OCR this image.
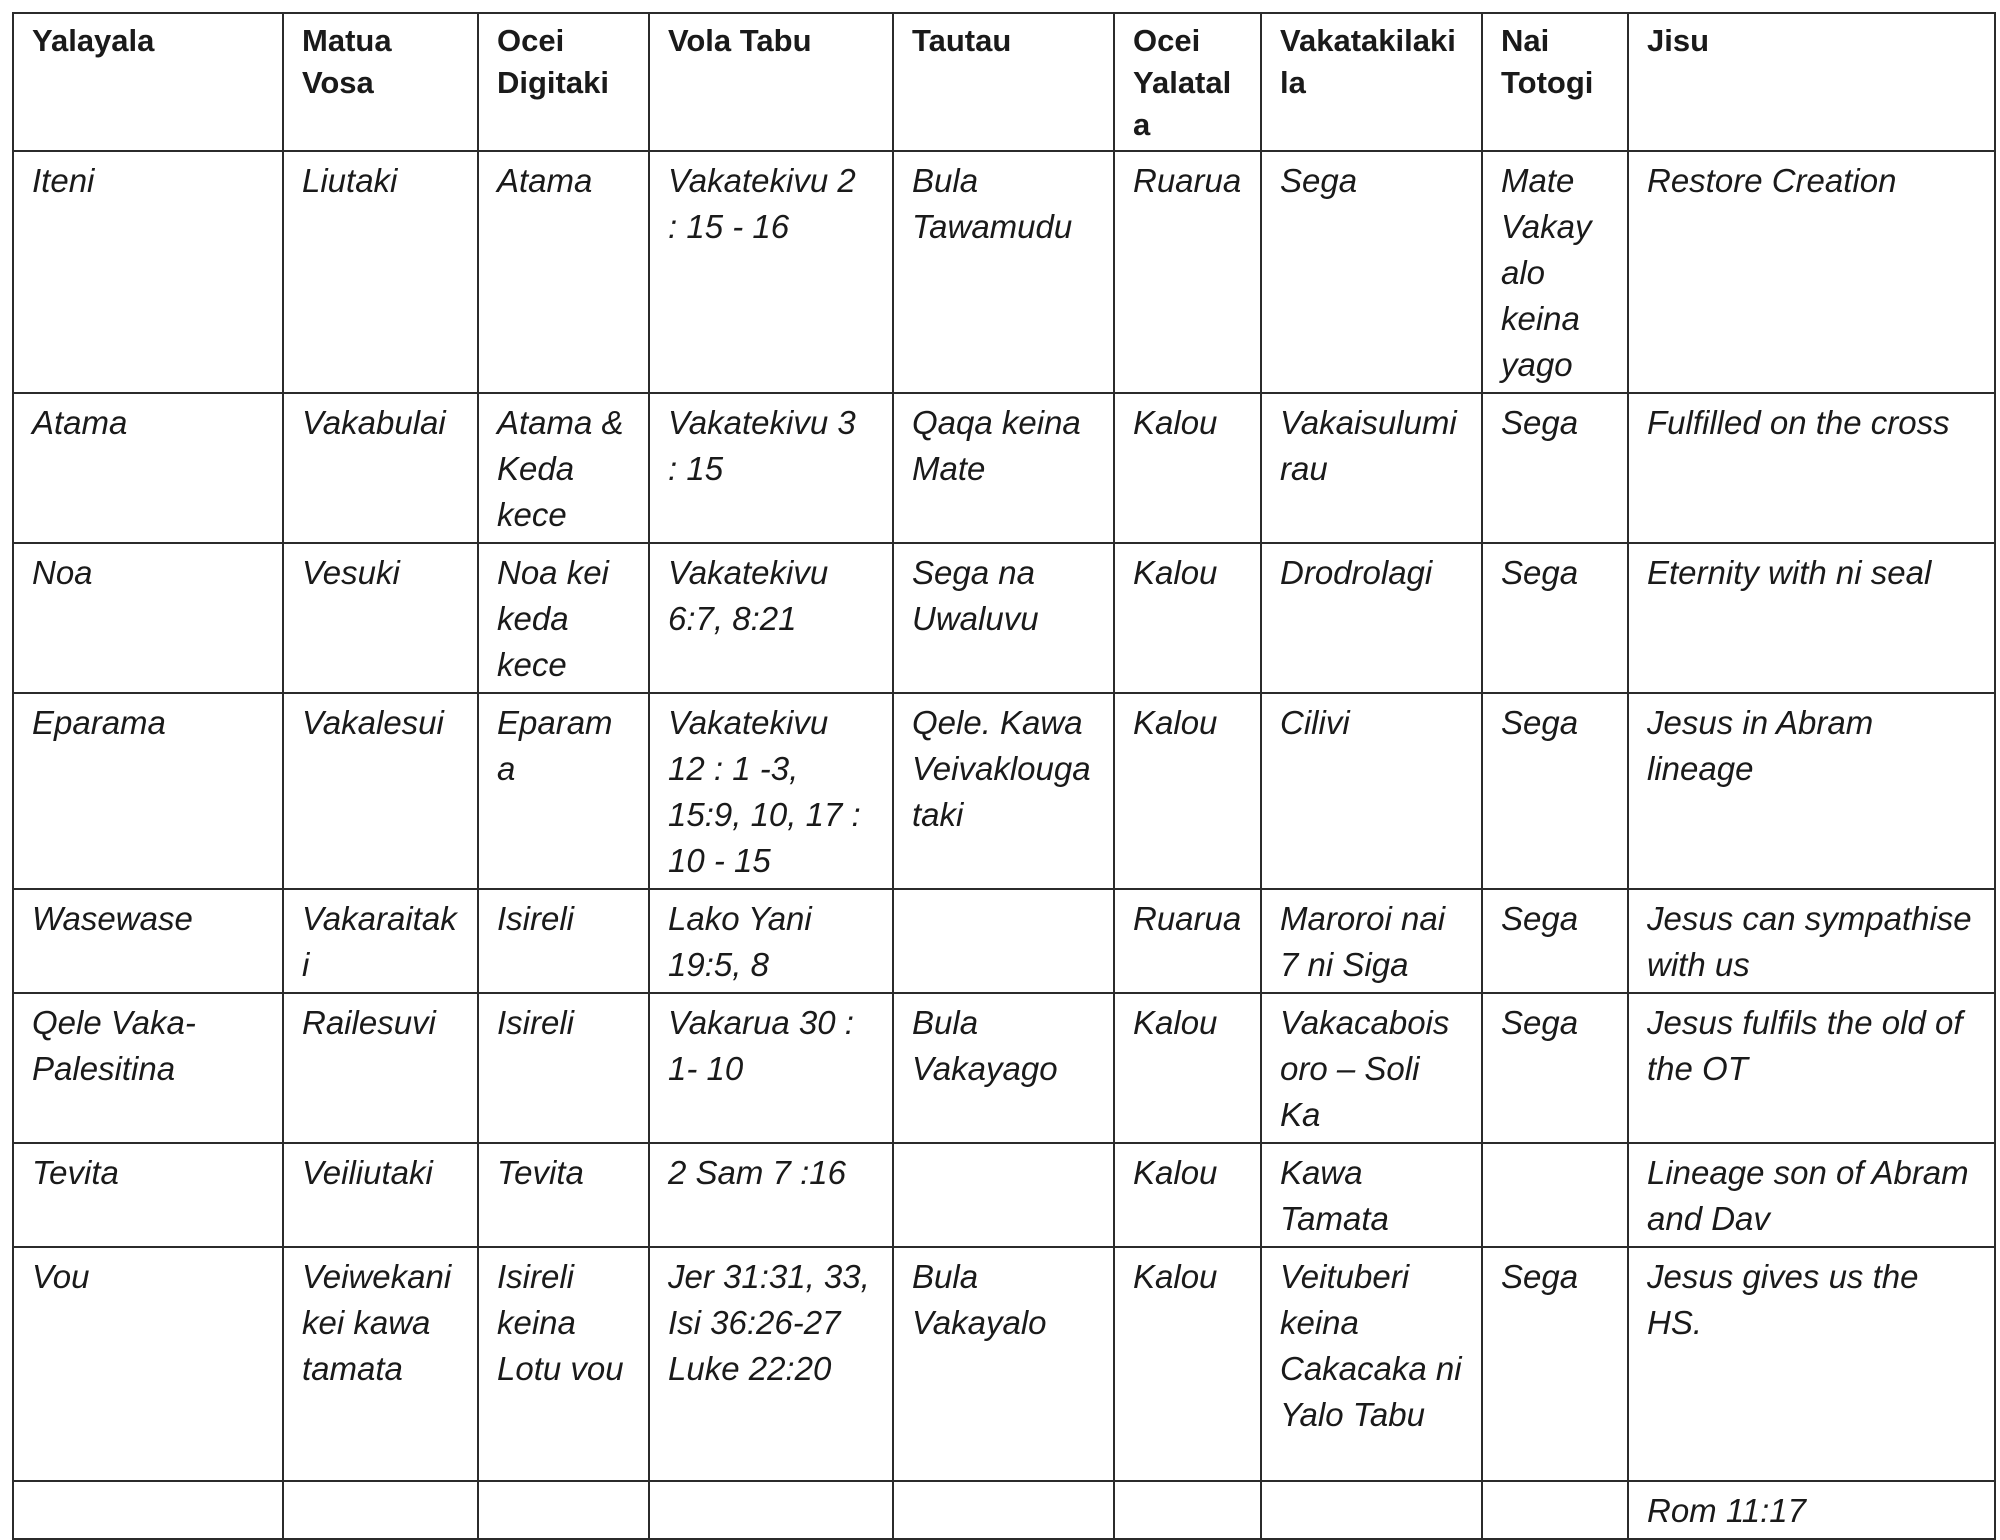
Yalayala	Matua Vosa	Ocei Digitaki	Vola Tabu	Tautau	Ocei Yalatala	Vakatakilakila	Nai Totogi	Jisu
Iteni	Liutaki	Atama	Vakatekivu 2 : 15 - 16	Bula Tawamudu	Ruarua	Sega	Mate Vakayalo keina yago	Restore Creation
Atama	Vakabulai	Atama & Keda kece	Vakatekivu 3 : 15	Qaqa keina Mate	Kalou	Vakaisulumi rau	Sega	Fulfilled on the cross
Noa	Vesuki	Noa kei keda kece	Vakatekivu 6:7, 8:21	Sega na Uwaluvu	Kalou	Drodrolagi	Sega	Eternity with ni seal
Eparama	Vakalesui	Eparama	Vakatekivu 12 : 1 -3, 15:9, 10, 17 : 10 - 15	Qele. Kawa Veivaklougataki	Kalou	Cilivi	Sega	Jesus in Abram lineage
Wasewase	Vakaraitaki	Isireli	Lako Yani 19:5, 8		Ruarua	Maroroi nai 7 ni Siga	Sega	Jesus can sympathise with us
Qele Vaka-Palesitina	Railesuvi	Isireli	Vakarua 30 : 1- 10	Bula Vakayago	Kalou	Vakacaboisoro – Soli Ka	Sega	Jesus fulfils the old of the OT
Tevita	Veiliutaki	Tevita	2 Sam 7 :16		Kalou	Kawa Tamata		Lineage son of Abram and Dav
Vou	Veiwekani kei kawa tamata	Isireli keina Lotu vou	Jer 31:31, 33, Isi 36:26-27 Luke 22:20	Bula Vakayalo	Kalou	Veituberi keina Cakacaka ni Yalo Tabu	Sega	Jesus gives us the HS.
								Rom 11:17
